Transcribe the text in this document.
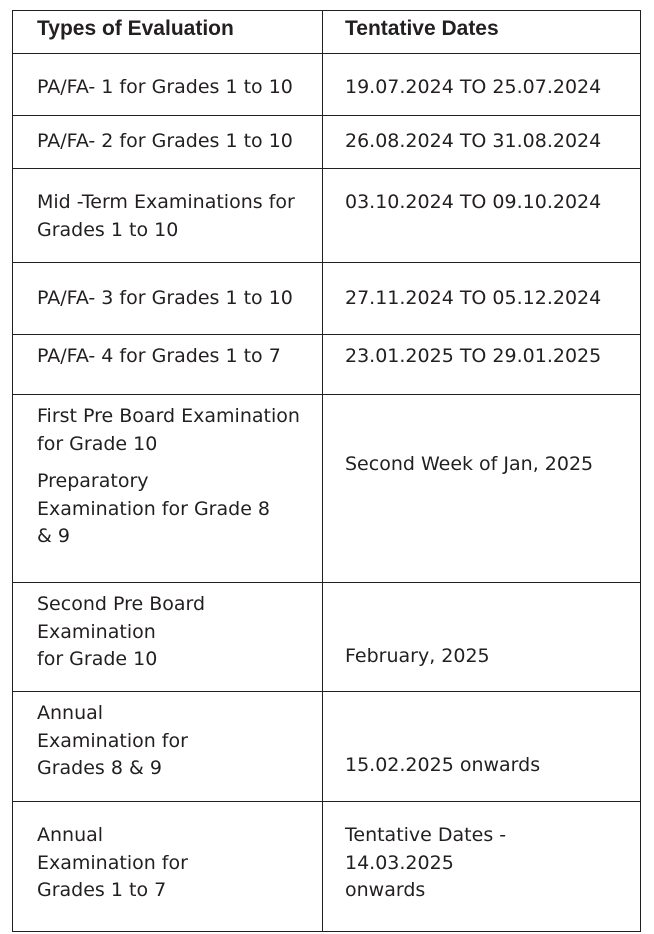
Types of Evaluation	Tentative Dates

PA/FA- 1 for Grades 1 to 10	19.07.2024 TO 25.07.2024

PA/FA- 2 for Grades 1 to 10	26.08.2024 TO 31.08.2024

Mid -Term Examinations for
Grades 1 to 10	03.10.2024 TO 09.10.2024

PA/FA- 3 for Grades 1 to 10	27.11.2024 TO 05.12.2024

PA/FA- 4 for Grades 1 to 7	23.01.2025 TO 29.01.2025

First Pre Board Examination
for Grade 10
Preparatory
Examination for Grade 8
& 9	Second Week of Jan, 2025

Second Pre Board Examination
for Grade 10	February, 2025

Annual
Examination for
Grades 8 & 9	15.02.2025 onwards

Annual
Examination for
Grades 1 to 7	Tentative Dates -
14.03.2025
onwards
